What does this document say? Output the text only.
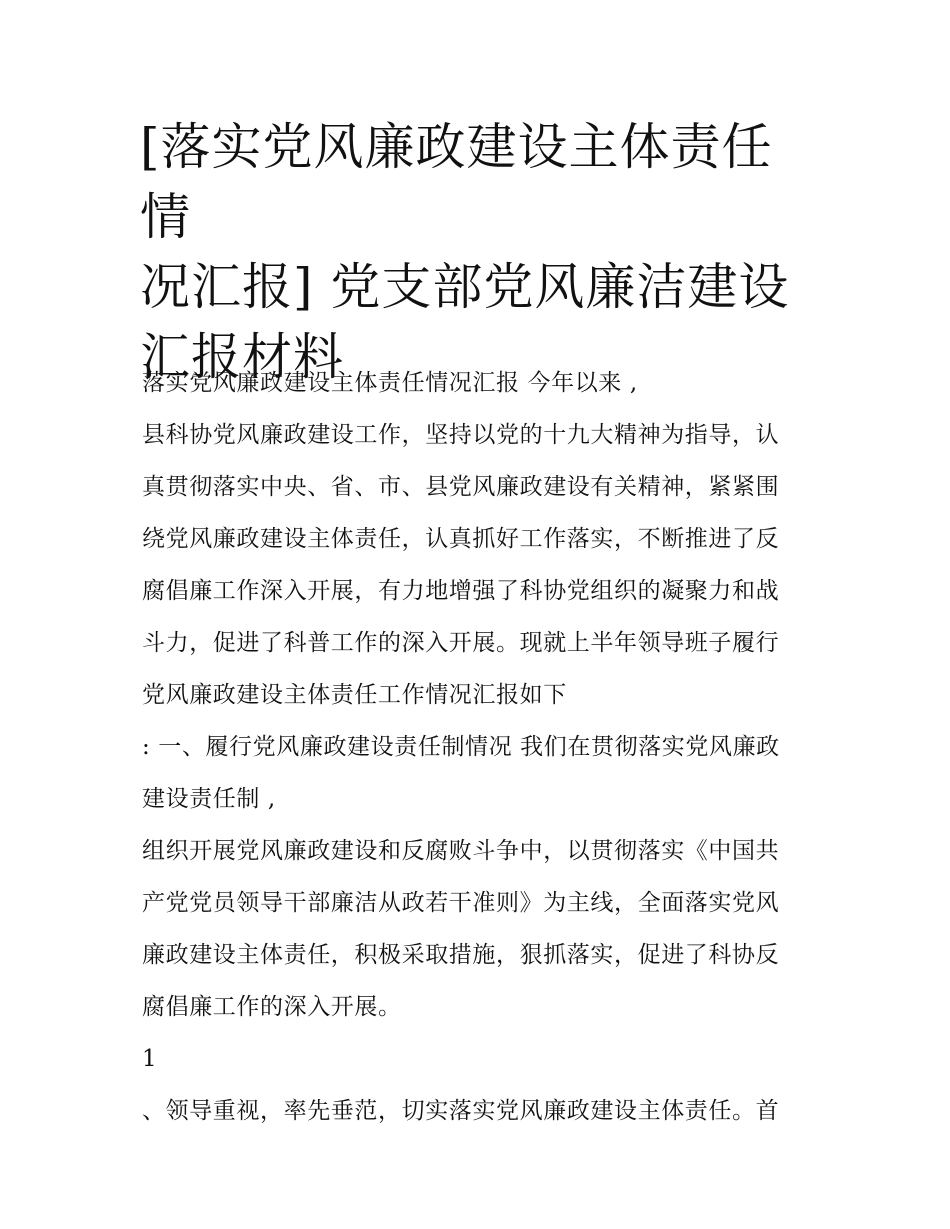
[落实党风廉政建设主体责任情
况汇报] 党支部党风廉洁建设
汇报材料
落实党风廉政建设主体责任情况汇报 今年以来 ,
县科协党风廉政建设工作，坚持以党的十九大精神为指导，认
真贯彻落实中央、省、市、县党风廉政建设有关精神，紧紧围
绕党风廉政建设主体责任，认真抓好工作落实，不断推进了反
腐倡廉工作深入开展，有力地增强了科协党组织的凝聚力和战
斗力，促进了科普工作的深入开展。现就上半年领导班子履行
党风廉政建设主体责任工作情况汇报如下
: 一、履行党风廉政建设责任制情况 我们在贯彻落实党风廉政
建设责任制 ,
组织开展党风廉政建设和反腐败斗争中，以贯彻落实《中国共
产党党员领导干部廉洁从政若干准则》为主线，全面落实党风
廉政建设主体责任，积极采取措施，狠抓落实，促进了科协反
腐倡廉工作的深入开展。
1
、领导重视，率先垂范，切实落实党风廉政建设主体责任。首
